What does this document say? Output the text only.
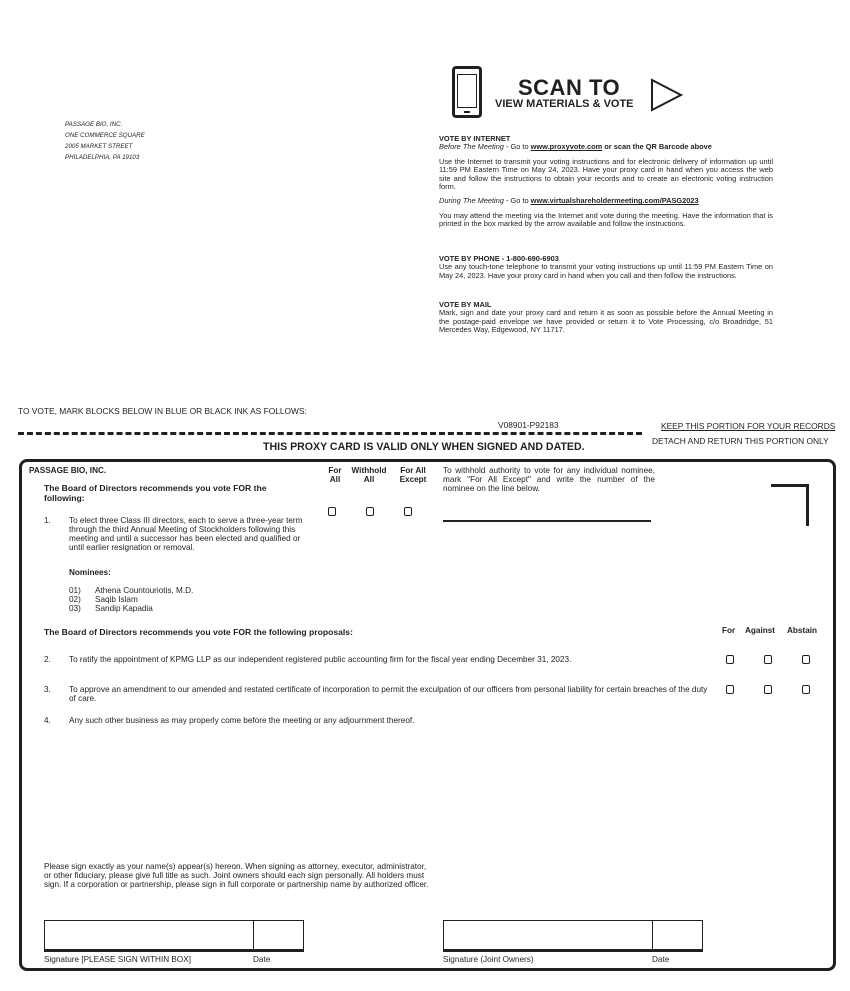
PASSAGE BIO, INC.
ONE COMMERCE SQUARE
2005 MARKET STREET
PHILADELPHIA, PA 19103
SCAN TO
VIEW MATERIALS & VOTE
VOTE BY INTERNET
Before The Meeting - Go to www.proxyvote.com or scan the QR Barcode above
Use the Internet to transmit your voting instructions and for electronic delivery of information up until 11:59 PM Eastern Time on May 24, 2023. Have your proxy card in hand when you access the web site and follow the instructions to obtain your records and to create an electronic voting instruction form.
During The Meeting - Go to www.virtualshareholdermeeting.com/PASG2023
You may attend the meeting via the Internet and vote during the meeting. Have the information that is printed in the box marked by the arrow available and follow the instructions.
VOTE BY PHONE - 1-800-690-6903
Use any touch-tone telephone to transmit your voting instructions up until 11:59 PM Eastern Time on May 24, 2023. Have your proxy card in hand when you call and then follow the instructions.
VOTE BY MAIL
Mark, sign and date your proxy card and return it as soon as possible before the Annual Meeting in the postage-paid envelope we have provided or return it to Vote Processing, c/o Broadridge, 51 Mercedes Way, Edgewood, NY 11717.
TO VOTE, MARK BLOCKS BELOW IN BLUE OR BLACK INK AS FOLLOWS:
V08901-P92183	KEEP THIS PORTION FOR YOUR RECORDS
DETACH AND RETURN THIS PORTION ONLY
THIS PROXY CARD IS VALID ONLY WHEN SIGNED AND DATED.
PASSAGE BIO, INC.
The Board of Directors recommends you vote FOR the following:
For
All
Withhold
All
For All
Except
To withhold authority to vote for any individual nominee, mark "For All Except" and write the number of the nominee on the line below.
1. To elect three Class III directors, each to serve a three-year term through the third Annual Meeting of Stockholders following this meeting and until a successor has been elected and qualified or until earlier resignation or removal.
Nominees:
01) Athena Countouriotis, M.D.
02) Saqib Islam
03) Sandip Kapadia
The Board of Directors recommends you vote FOR the following proposals:	For Against Abstain
2. To ratify the appointment of KPMG LLP as our independent registered public accounting firm for the fiscal year ending December 31, 2023.
3. To approve an amendment to our amended and restated certificate of incorporation to permit the exculpation of our officers from personal liability for certain breaches of the duty of care.
4. Any such other business as may properly come before the meeting or any adjournment thereof.
Please sign exactly as your name(s) appear(s) hereon. When signing as attorney, executor, administrator, or other fiduciary, please give full title as such. Joint owners should each sign personally. All holders must sign. If a corporation or partnership, please sign in full corporate or partnership name by authorized officer.
Signature [PLEASE SIGN WITHIN BOX]	Date	Signature (Joint Owners)	Date
